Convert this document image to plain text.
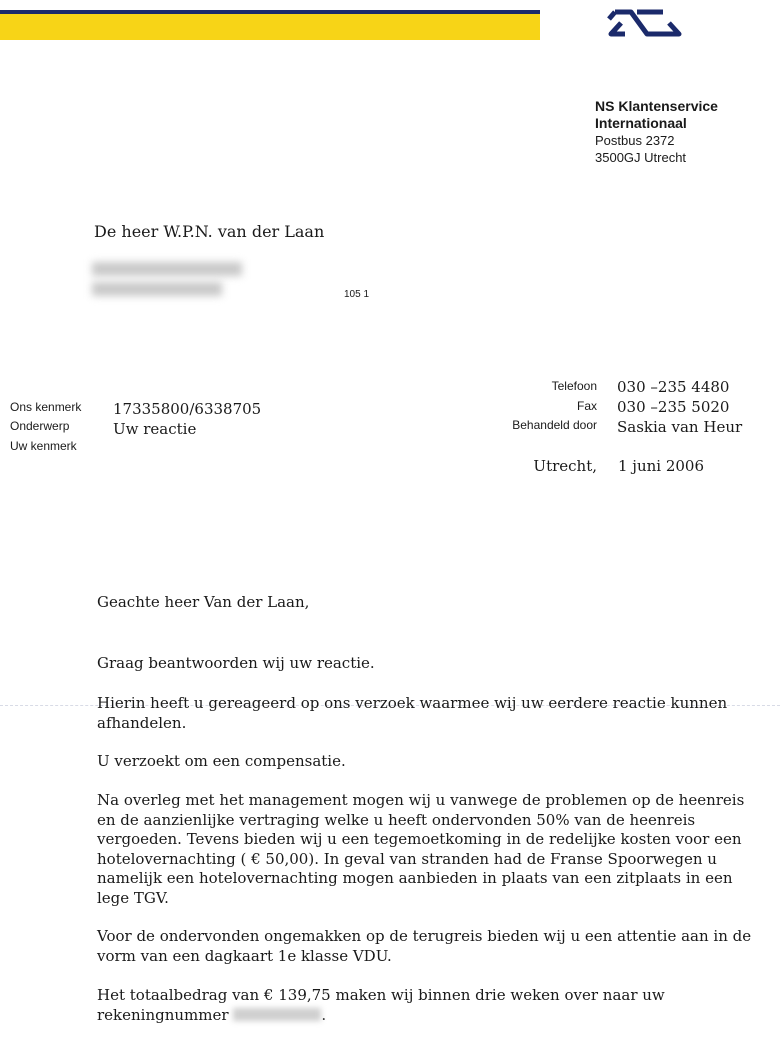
NS Klantenservice
Internationaal
Postbus 2372
3500GJ Utrecht
De heer W.P.N. van der Laan
105 1
Ons kenmerk
Onderwerp
Uw kenmerk
17335800/6338705
Uw reactie
Telefoon
Fax
Behandeld door
030 –235 4480
030 –235 5020
Saskia van Heur
Utrecht, 1 juni 2006

Geachte heer Van der Laan,

Graag beantwoorden wij uw reactie.

Hierin heeft u gereageerd op ons verzoek waarmee wij uw eerdere reactie kunnen afhandelen.

U verzoekt om een compensatie.

Na overleg met het management mogen wij u vanwege de problemen op de heenreis en de aanzienlijke vertraging welke u heeft ondervonden 50% van de heenreis vergoeden. Tevens bieden wij u een tegemoetkoming in de redelijke kosten voor een hotelovernachting ( € 50,00). In geval van stranden had de Franse Spoorwegen u namelijk een hotelovernachting mogen aanbieden in plaats van een zitplaats in een lege TGV.

Voor de ondervonden ongemakken op de terugreis bieden wij u een attentie aan in de vorm van een dagkaart 1e klasse VDU.

Het totaalbedrag van € 139,75 maken wij binnen drie weken over naar uw rekeningnummer	.
